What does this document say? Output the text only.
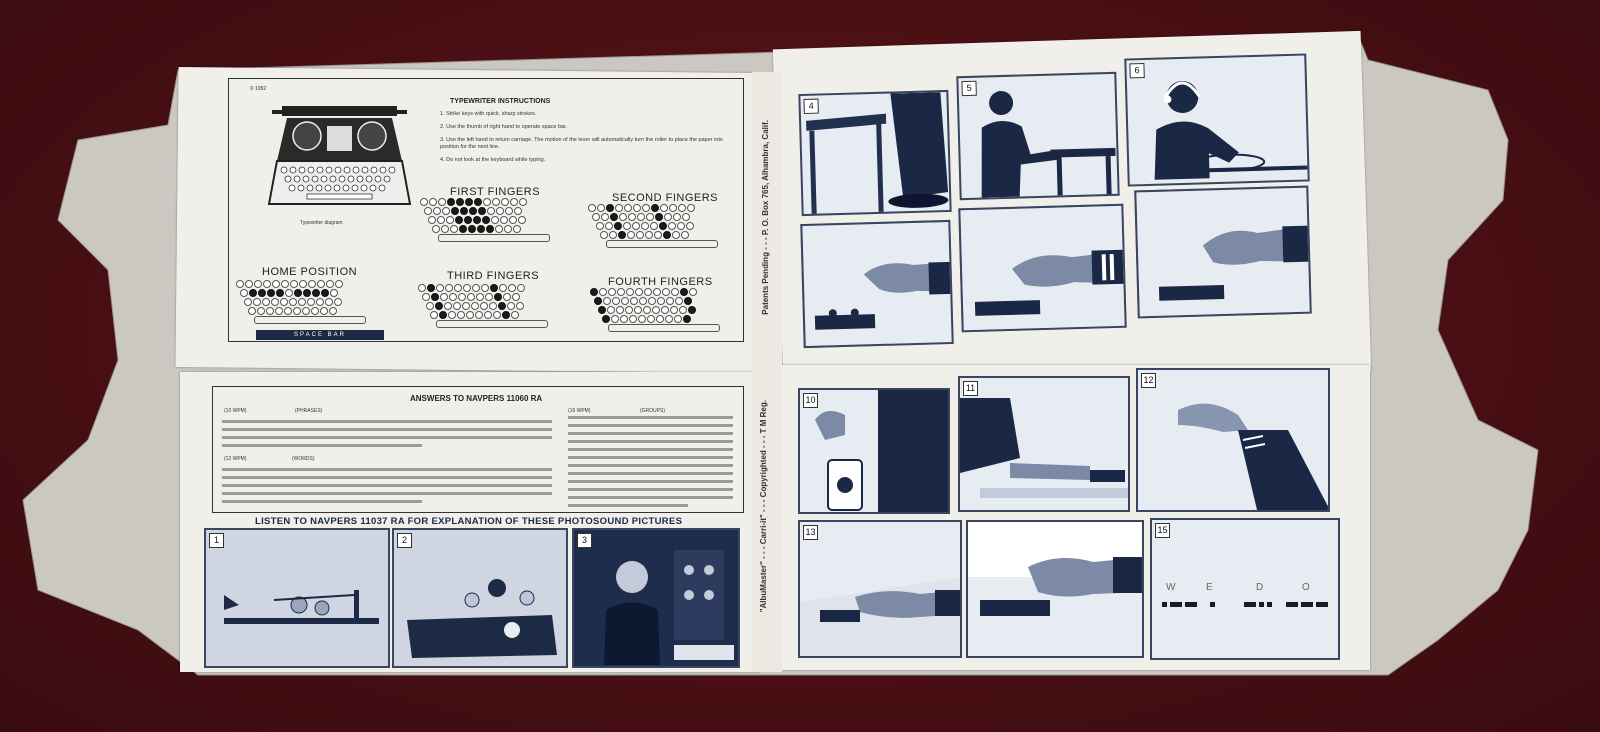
© 1952
Typewriter diagram
TYPEWRITER INSTRUCTIONS
1. Strike keys with quick, sharp strokes.
2. Use the thumb of right hand to operate space bar.
3. Use the left hand to return carriage. The motion of the lever will automatically turn the roller to place the paper into position for the next line.
4. Do not look at the keyboard while typing.
FIRST FINGERS	SECOND FINGERS
HOME POSITION	THIRD FINGERS	FOURTH FINGERS
SPACE BAR
ANSWERS TO NAVPERS 11060 RA
(10 WPM)	(PHRASES)	(16 WPM)	(GROUPS)
(12 WPM)	(WORDS)
LISTEN TO NAVPERS 11037 RA FOR EXPLANATION OF THESE PHOTOSOUND PICTURES	"AlbuMaster" - - - Carri-it" - - - Copyrighted - - - T M Reg.
Patents Pending - - - P. O. Box 765, Alhambra, Calif.
1	2	3
4
5
6
10
11
12
13	15
W	E	D	O
